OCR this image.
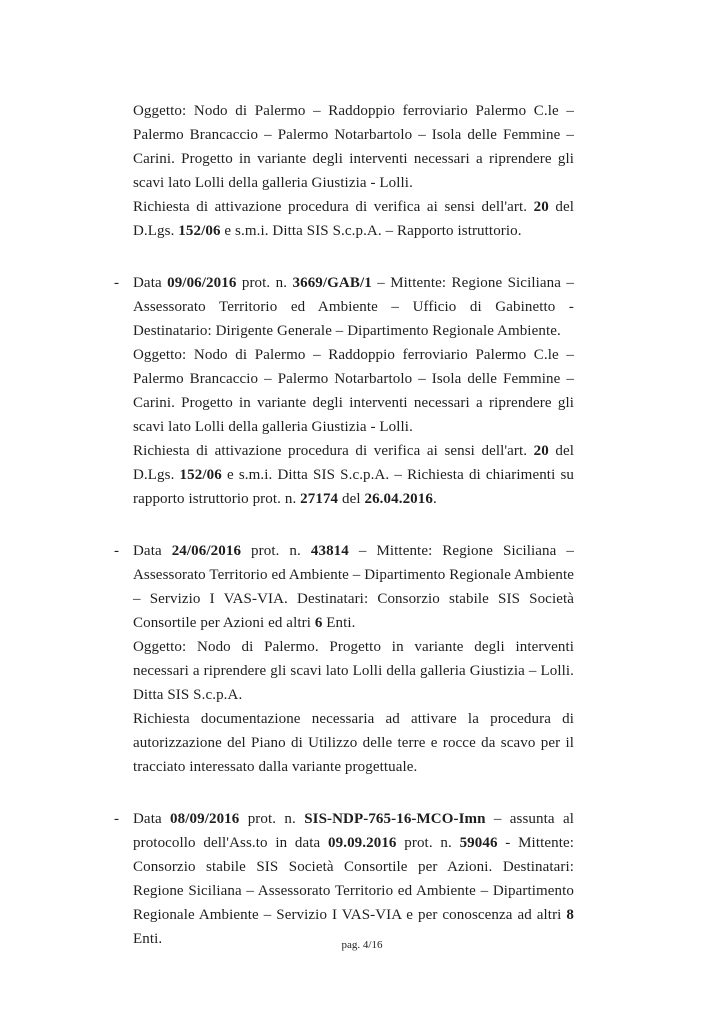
Oggetto: Nodo di Palermo – Raddoppio ferroviario Palermo C.le – Palermo Brancaccio – Palermo Notarbartolo – Isola delle Femmine – Carini. Progetto in variante degli interventi necessari a riprendere gli scavi lato Lolli della galleria Giustizia - Lolli.

Richiesta di attivazione procedura di verifica ai sensi dell'art. 20 del D.Lgs. 152/06 e s.m.i. Ditta SIS S.c.p.A. – Rapporto istruttorio.

- Data 09/06/2016 prot. n. 3669/GAB/1 – Mittente: Regione Siciliana – Assessorato Territorio ed Ambiente – Ufficio di Gabinetto - Destinatario: Dirigente Generale – Dipartimento Regionale Ambiente.

Oggetto: Nodo di Palermo – Raddoppio ferroviario Palermo C.le – Palermo Brancaccio – Palermo Notarbartolo – Isola delle Femmine – Carini. Progetto in variante degli interventi necessari a riprendere gli scavi lato Lolli della galleria Giustizia - Lolli.

Richiesta di attivazione procedura di verifica ai sensi dell'art. 20 del D.Lgs. 152/06 e s.m.i. Ditta SIS S.c.p.A. – Richiesta di chiarimenti su rapporto istruttorio prot. n. 27174 del 26.04.2016.

- Data 24/06/2016 prot. n. 43814 – Mittente: Regione Siciliana – Assessorato Territorio ed Ambiente – Dipartimento Regionale Ambiente – Servizio I VAS-VIA. Destinatari: Consorzio stabile SIS Società Consortile per Azioni ed altri 6 Enti.

Oggetto: Nodo di Palermo. Progetto in variante degli interventi necessari a riprendere gli scavi lato Lolli della galleria Giustizia – Lolli. Ditta SIS S.c.p.A.

Richiesta documentazione necessaria ad attivare la procedura di autorizzazione del Piano di Utilizzo delle terre e rocce da scavo per il tracciato interessato dalla variante progettuale.

- Data 08/09/2016 prot. n. SIS-NDP-765-16-MCO-Imn – assunta al protocollo dell'Ass.to in data 09.09.2016 prot. n. 59046 - Mittente: Consorzio stabile SIS Società Consortile per Azioni. Destinatari: Regione Siciliana – Assessorato Territorio ed Ambiente – Dipartimento Regionale Ambiente – Servizio I VAS-VIA e per conoscenza ad altri 8 Enti.	pag. 4/16
